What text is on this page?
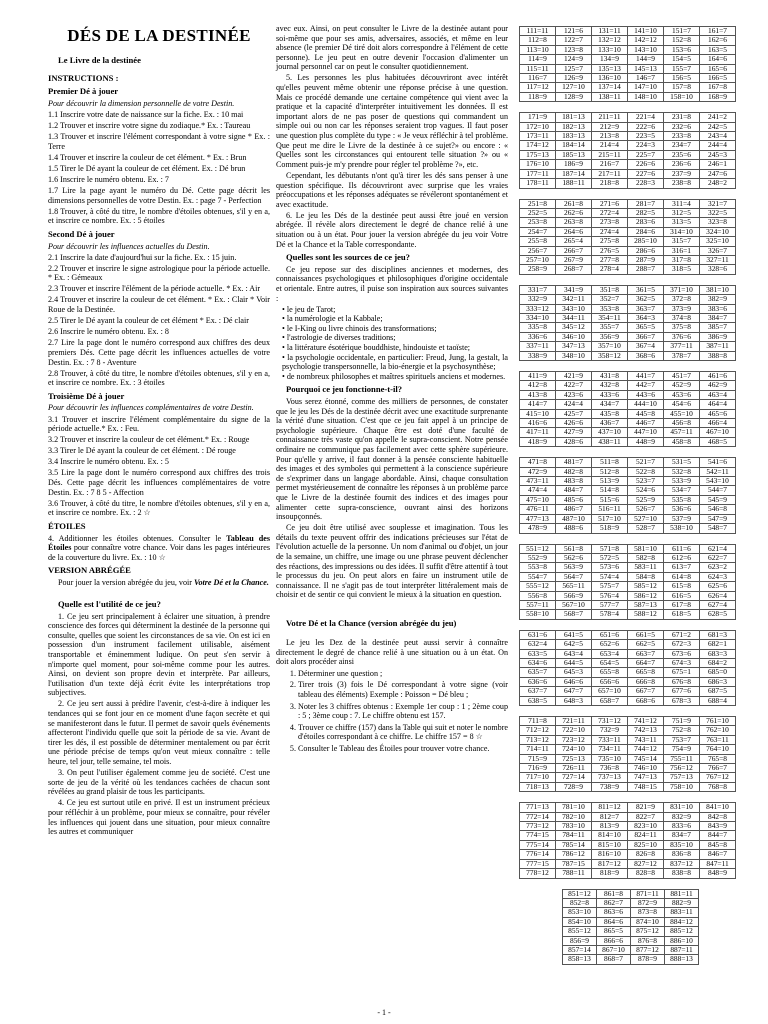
DÉS DE LA DESTINÉE
Le Livre de la destinée
INSTRUCTIONS :
Premier Dé à jouer

Pour découvrir la dimension personnelle de votre Destin.

1.1 Inscrire votre date de naissance sur la fiche. Ex. : 10 mai

1.2 Trouver et inscrire votre signe du zodiaque.* Ex. : Taureau

1.3 Trouver et inscrire l'élément correspondant à votre signe * Ex. : Terre

1.4 Trouver et inscrire la couleur de cet élément. * Ex. : Brun

1.5 Tirer le Dé ayant la couleur de cet élément. Ex. : Dé brun

1.6 Inscrire le numéro obtenu. Ex. : 7

1.7 Lire la page ayant le numéro du Dé. Cette page décrit les dimensions personnelles de votre Destin. Ex. : page 7 - Perfection

1.8 Trouver, à côté du titre, le nombre d'étoiles obtenues, s'il y en a, et inscrire ce nombre. Ex. : 5 étoiles

Second Dé à jouer

Pour découvrir les influences actuelles du Destin.

2.1 Inscrire la date d'aujourd'hui sur la fiche. Ex. : 15 juin.

2.2 Trouver et inscrire le signe astrologique pour la période actuelle. * Ex. : Gémeaux

2.3 Trouver et inscrire l'élément de la période actuelle. * Ex. : Air

2.4 Trouver et inscrire la couleur de cet élément. * Ex. : Clair * Voir Roue de la Destinée.

2.5 Tirer le Dé ayant la couleur de cet élément * Ex. : Dé clair

2.6 Inscrire le numéro obtenu. Ex. : 8

2.7 Lire la page dont le numéro correspond aux chiffres des deux premiers Dés. Cette page décrit les influences actuelles de votre Destin. Ex. : 7 8 - Aventure

2.8 Trouver, à côté du titre, le nombre d'étoiles obtenues, s'il y en a, et inscrire ce nombre. Ex. : 3 étoiles

Troisième Dé à jouer

Pour découvrir les influences complémentaires de votre Destin.

3.1 Trouver et inscrire l'élément complémentaire du signe de la période actuelle.* Ex. : Feu.

3.2 Trouver et inscrire la couleur de cet élément.* Ex. : Rouge

3.3 Tirer le Dé ayant la couleur de cet élément. : Dé rouge

3.4 Inscrire le numéro obtenu. Ex. : 5

3.5 Lire la page dont le numéro correspond aux chiffres des trois Dés. Cette page décrit les influences complémentaires de votre Destin. Ex. : 7 8 5 - Affection

3.6 Trouver, à côté du titre, le nombre d'étoiles obtenues, s'il y en a, et inscrire ce nombre. Ex. : 2 ☆

ÉTOILES

4. Additionner les étoiles obtenues. Consulter le Tableau des Étoiles pour connaître votre chance. Voir dans les pages intérieures de la couverture du livre. Ex. : 10 ☆

VERSION ABRÉGÉE

Pour jouer la version abrégée du jeu, voir Votre Dé et la Chance.

Quelle est l'utilité de ce jeu?

1. Ce jeu sert principalement à éclairer une situation, à prendre conscience des forces qui déterminent la destinée de la personne qui consulte, quelles que soient les circonstances de sa vie. On est ici en possession d'un instrument facilement utilisable, aisément transportable et éminemment ludique. On peut s'en servir à n'importe quel moment, pour soi-même comme pour les autres. Ainsi, on devient son propre devin et interprète. Par ailleurs, l'utilisation d'un texte déjà écrit évite les interprétations trop subjectives.

2. Ce jeu sert aussi à prédire l'avenir, c'est-à-dire à indiquer les tendances qui se font jour en ce moment d'une façon secrète et qui se manifesteront dans le futur. Il permet de savoir quels événements affecteront l'individu quelle que soit la période de sa vie. Avant de tirer les dés, il est possible de déterminer mentalement ou par écrit une période précise de temps qu'on veut mieux connaître : telle heure, tel jour, telle semaine, tel mois.

3. On peut l'utiliser également comme jeu de société. C'est une sorte de jeu de la vérité où les tendances cachées de chacun sont révélées au grand plaisir de tous les participants.

4. Ce jeu est surtout utile en privé. Il est un instrument précieux pour réfléchir à un problème, pour mieux se connaître, pour révéler les influences qui jouent dans une situation, pour mieux connaître les autres et communiquer

avec eux. Ainsi, on peut consulter le Livre de la destinée autant pour soi-même que pour ses amis, adversaires, associés, et même en leur absence (le premier Dé tiré doit alors correspondre à l'élément de cette personne). Le jeu peut en outre devenir l'occasion d'alimenter un journal personnel car on peut le consulter quotidiennement.

5. Les personnes les plus habituées découvriront avec intérêt qu'elles peuvent même obtenir une réponse précise à une question. Mais ce procédé demande une certaine compétence qui vient avec la pratique et la capacité d'interpréter intuitivement les données. Il est important alors de ne pas poser de questions qui commandent un simple oui ou non car les réponses seraient trop vagues. Il faut poser une question plus complète du type : « Je veux réfléchir à tel problème. Que peut me dire le Livre de la destinée à ce sujet?» ou encore : « Quelles sont les circonstances qui entourent telle situation ?» ou « Comment puis-je m'y prendre pour régler tel problème ?», etc.

Cependant, les débutants n'ont qu'à tirer les dés sans penser à une question spécifique. Ils découvriront avec surprise que les vraies préoccupations et les réponses adéquates se révéleront spontanément et avec exactitude.

6. Le jeu les Dés de la destinée peut aussi être joué en version abrégée. Il révèle alors directement le degré de chance relié à une situation ou à un état. Pour jouer la version abrégée du jeu voir Votre Dé et la Chance et la Table correspondante.

Quelles sont les sources de ce jeu?

Ce jeu repose sur des disciplines anciennes et modernes, des connaissances psychologiques et philosophiques d'origine occidentale et orientale. Entre autres, il puise son inspiration aux sources suivantes :

• le jeu de Tarot;
• la numérologie et la Kabbale;
• le I-King ou livre chinois des transformations;
• l'astrologie de diverses traditions;
• la littérature ésotérique bouddhiste, hindouiste et taoïste;
• la psychologie occidentale, en particulier: Freud, Jung, la gestalt, la psychologie transpersonnelle, la bio-énergie et la psychosynthèse;
• de nombreux philosophes et maîtres spirituels anciens et modernes.
Pourquoi ce jeu fonctionne-t-il?

Vous serez étonné, comme des milliers de personnes, de constater que le jeu les Dés de la destinée décrit avec une exactitude surprenante la vérité d'une situation. C'est que ce jeu fait appel à un principe de psychologie supérieure. Chaque être est doté d'une faculté de connaissance très vaste qu'on appelle le supra-conscient. Notre pensée ordinaire ne communique pas facilement avec cette sphère supérieure. Pour qu'elle y arrive, il faut donner à la pensée consciente habituelle des images et des symboles qui permettent à la conscience supérieure de s'exprimer dans un langage abordable. Ainsi, chaque consultation permet mystérieusement de connaître les réponses à un problème parce que le Livre de la destinée fournit des indices et des images pour alimenter cette supra-conscience, ouvrant ainsi des horizons insoupçonnés.

Ce jeu doit être utilisé avec souplesse et imagination. Tous les détails du texte peuvent offrir des indications précieuses sur l'état de l'évolution actuelle de la personne. Un nom d'animal ou d'objet, un jour de la semaine, un chiffre, une image ou une phrase peuvent déclencher des réactions, des impressions ou des idées. Il suffit d'être attentif à tout le processus du jeu. On peut alors en faire un instrument utile de connaissance. Il ne s'agit pas de tout interpréter littéralement mais de choisir et de sentir ce qui convient le mieux à la situation en question.

Votre Dé et la Chance (version abrégée du jeu)

Le jeu les Dez de la destinée peut aussi servir à connaître directement le degré de chance relié à une situation ou à un état. On doit alors procéder ainsi

1. Déterminer une question ;
2. Tirer trois (3) fois le Dé correspondant à votre signe (voir tableau des éléments) Exemple : Poisson = Dé bleu ;
3. Noter les 3 chiffres obtenus : Exemple 1er coup : 1 ; 2ème coup : 5 ; 3ème coup : 7. Le chiffre obtenu est 157.
4. Trouver ce chiffre (157) dans la Table qui suit et noter le nombre d'étoiles correspondant à ce chiffre. Le chiffre 157 = 8 ☆
5. Consulter le Tableau des Étoiles pour trouver votre chance.
111=11	121=6	131=11	141=10	151=7	161=7
112=8	122=7	132=12	142=12	152=8	162=6
113=10	123=8	133=10	143=10	153=6	163=5
114=9	124=9	134=9	144=9	154=5	164=6
115=11	125=7	135=13	145=13	155=7	165=6
116=7	126=9	136=10	146=7	156=5	166=5
117=12	127=10	137=14	147=10	157=8	167=8
118=9	128=9	138=11	148=10	158=10	168=9
171=9	181=13	211=11	221=4	231=8	241=2
172=10	182=13	212=9	222=6	232=6	242=5
173=11	183=13	213=8	223=5	233=8	243=4
174=12	184=14	214=4	224=3	234=7	244=4
175=13	185=13	215=11	225=7	235=6	245=3
176=10	186=9	216=7	226=6	236=6	246=1
177=11	187=14	217=11	227=6	237=9	247=6
178=11	188=11	218=8	228=3	238=8	248=2
251=8	261=8	271=6	281=7	311=4	321=7
252=5	262=6	272=4	282=5	312=5	322=5
253=8	263=8	273=8	283=6	313=5	323=8
254=7	264=6	274=4	284=6	314=10	324=10
255=8	265=4	275=8	285=10	315=7	325=10
256=7	266=7	276=5	286=6	316=1	326=7
257=10	267=9	277=8	287=9	317=8	327=11
258=9	268=7	278=4	288=7	318=5	328=6
331=7	341=9	351=8	361=5	371=10	381=10
332=9	342=11	352=7	362=5	372=8	382=9
333=12	343=10	353=8	363=7	373=9	383=6
334=10	344=11	354=11	364=3	374=8	384=7
335=8	345=12	355=7	365=5	375=8	385=7
336=6	346=10	356=9	366=7	376=6	386=9
337=11	347=13	357=10	367=4	377=11	387=11
338=9	348=10	358=12	368=6	378=7	388=8
411=9	421=9	431=8	441=7	451=7	461=6
412=8	422=7	432=8	442=7	452=9	462=9
413=8	423=6	433=6	443=6	453=6	463=4
414=7	424=4	434=7	444=10	454=6	464=4
415=10	425=7	435=8	445=8	455=10	465=6
416=6	426=6	436=7	446=7	456=8	466=4
417=11	427=9	437=10	447=10	457=11	467=10
418=9	428=6	438=11	448=9	458=8	468=5
471=8	481=7	511=8	521=7	531=5	541=6
472=9	482=8	512=8	522=8	532=8	542=11
473=11	483=8	513=9	523=7	533=9	543=10
474=4	484=7	514=8	524=6	534=7	544=7
475=10	485=6	515=6	525=9	535=8	545=9
476=11	486=7	516=11	526=7	536=6	546=8
477=13	487=10	517=10	527=10	537=9	547=9
478=9	488=6	518=9	528=7	538=10	548=7
551=12	561=8	571=8	581=10	611=6	621=4
552=9	562=6	572=5	582=8	612=6	622=7
553=8	563=9	573=6	583=11	613=7	623=2
554=7	564=7	574=4	584=8	614=8	624=3
555=12	565=11	575=7	585=12	615=8	625=6
556=8	566=9	576=4	586=12	616=5	626=4
557=11	567=10	577=7	587=13	617=8	627=4
558=10	568=7	578=4	588=12	618=5	628=5
631=6	641=5	651=6	661=5	671=2	681=3
632=4	642=5	652=6	662=5	672=3	682=1
633=5	643=4	653=4	663=7	673=6	683=3
634=6	644=5	654=5	664=7	674=3	684=2
635=7	645=3	655=8	665=8	675=1	685=0
636=6	646=6	656=6	666=8	676=8	686=3
637=7	647=7	657=10	667=7	677=6	687=5
638=5	648=3	658=7	668=6	678=3	688=4
711=8	721=11	731=12	741=12	751=9	761=10
712=12	722=10	732=9	742=13	752=8	762=10
713=12	723=12	733=11	743=11	753=7	763=11
714=11	724=10	734=11	744=12	754=9	764=10
715=9	725=13	735=10	745=14	755=11	765=8
716=9	726=11	736=8	746=10	756=12	766=7
717=10	727=14	737=13	747=13	757=13	767=12
718=13	728=9	738=9	748=15	758=10	768=8
771=13	781=10	811=12	821=9	831=10	841=10
772=14	782=10	812=7	822=7	832=9	842=8
773=12	783=10	813=9	823=10	833=6	843=9
774=15	784=11	814=10	824=11	834=7	844=7
775=14	785=14	815=10	825=10	835=10	845=8
776=14	786=12	816=10	826=8	836=8	846=7
777=15	787=15	817=12	827=12	837=12	847=11
778=12	788=11	818=9	828=8	838=8	848=9
851=12	861=8	871=11	881=11
852=8	862=7	872=9	882=9
853=10	863=6	873=8	883=11
854=10	864=6	874=10	884=12
855=12	865=5	875=12	885=12
856=9	866=6	876=8	886=10
857=14	867=10	877=12	887=11
858=13	868=7	878=9	888=13
- 1 -
